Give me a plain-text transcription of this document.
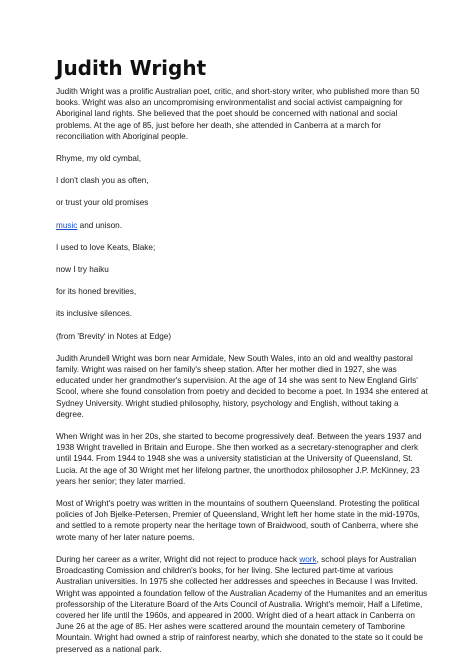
Judith Wright

Judith Wright was a prolific Australian poet, critic, and short-story writer, who published more than 50 books. Wright was also an uncompromising environmentalist and social activist campaigning for Aboriginal land rights. She believed that the poet should be concerned with national and social problems. At the age of 85, just before her death, she attended in Canberra at a march for reconciliation with Aboriginal people.

Rhyme, my old cymbal,

I don't clash you as often,

or trust your old promises

music and unison.

I used to love Keats, Blake;

now I try haiku

for its honed brevities,

its inclusive silences.

(from 'Brevity' in Notes at Edge)

Judith Arundell Wright was born near Armidale, New South Wales, into an old and wealthy pastoral family. Wright was raised on her family's sheep station. After her mother died in 1927, she was educated under her grandmother's supervision. At the age of 14 she was sent to New England Girls' Scool, where she found consolation from poetry and decided to become a poet. In 1934 she entered at Sydney University. Wright studied philosophy, history, psychology and English, without taking a degree.

When Wright was in her 20s, she started to become progressively deaf. Between the years 1937 and 1938 Wright travelled in Britain and Europe. She then worked as a secretary-stenographer and clerk until 1944. From 1944 to 1948 she was a university statistician at the University of Queensland, St. Lucia. At the age of 30 Wright met her lifelong partner, the unorthodox philosopher J.P. McKinney, 23 years her senior; they later married.

Most of Wright's poetry was written in the mountains of southern Queensland. Protesting the political policies of Joh Bjelke-Petersen, Premier of Queensland, Wright left her home state in the mid-1970s, and settled to a remote property near the heritage town of Braidwood, south of Canberra, where she wrote many of her later nature poems.

During her career as a writer, Wright did not reject to produce hack work, school plays for Australian Broadcasting Comission and children's books, for her living. She lectured part-time at various Australian universities. In 1975 she collected her addresses and speeches in Because I was Invited. Wright was appointed a foundation fellow of the Australian Academy of the Humanites and an emeritus professorship of the Literature Board of the Arts Council of Australia. Wright's memoir, Half a Lifetime, covered her life until the 1960s, and appeared in 2000. Wright died of a heart attack in Canberra on June 26 at the age of 85. Her ashes were scattered around the mountain cemetery of Tamborine Mountain. Wright had owned a strip of rainforest nearby, which she donated to the state so it could be preserved as a national park.
